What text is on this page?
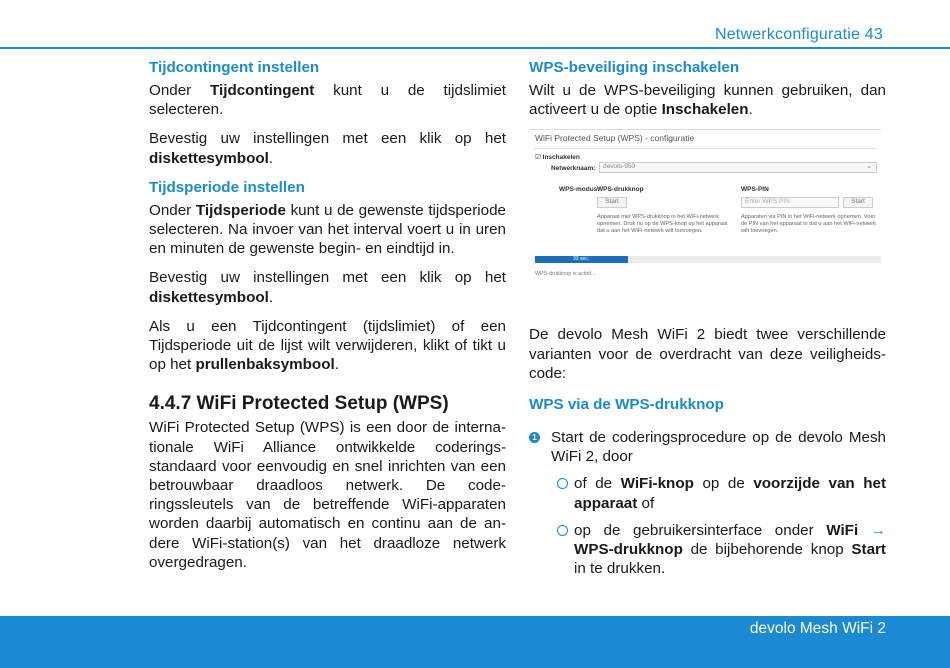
Netwerkconfiguratie 43
Tijdcontingent instellen

Onder Tijdcontingent kunt u de tijdslimiet selecteren.

Bevestig uw instellingen met een klik op het diskettesymbool.

Tijdsperiode instellen

Onder Tijdsperiode kunt u de gewenste tijdsperiode selecteren. Na invoer van het interval voert u in uren en minuten de gewenste begin- en eindtijd in.

Bevestig uw instellingen met een klik op het diskettesymbool.

Als u een Tijdcontingent (tijdslimiet) of een Tijdsperiode uit de lijst wilt verwijderen, klikt of tikt u op het prullenbaksymbool.

4.4.7 WiFi Protected Setup (WPS)

WiFi Protected Setup (WPS) is een door de internationale WiFi Alliance ontwikkelde coderingsstandaard voor eenvoudig en snel inrichten van een betrouwbaar draadloos netwerk. De coderingssleutels van de betreffende WiFi-apparaten worden daarbij automatisch en continu aan de andere WiFi-station(s) van het draadloze netwerk overgedragen.

WPS-beveiliging inschakelen

Wilt u de WPS-beveiliging kunnen gebruiken, dan activeert u de optie Inschakelen.

WiFi Protected Setup (WPS) - configuratie
☑ Inschakelen
Netwerknaam:	devolo-950	⌄
WPS-modus:
WPS-drukknop
Start
Apparaat met WPS-drukknop in het WiFi-netwerk opnemen. Druk nu op de WPS-knop op het apparaat dat u aan het WiFi-netwerk wilt toevoegen.
WPS-PIN
Enter WPS PIN	Start
Apparaten via PIN in het WiFi-netwerk opnemen. Voer de PIN van het apparaat in dat u aan het WiFi-netwerk wilt toevoegen.
33 sec.
WPS-drukknop is actief...

De devolo Mesh WiFi 2 biedt twee verschillende varianten voor de overdracht van deze veiligheidscode:

WPS via de WPS-drukknop
1 Start de coderingsprocedure op de devolo Mesh WiFi 2, door
of de WiFi-knop op de voorzijde van het apparaat of
op de gebruikersinterface onder WiFi → WPS-drukknop de bijbehorende knop Start in te drukken.
devolo Mesh WiFi 2
